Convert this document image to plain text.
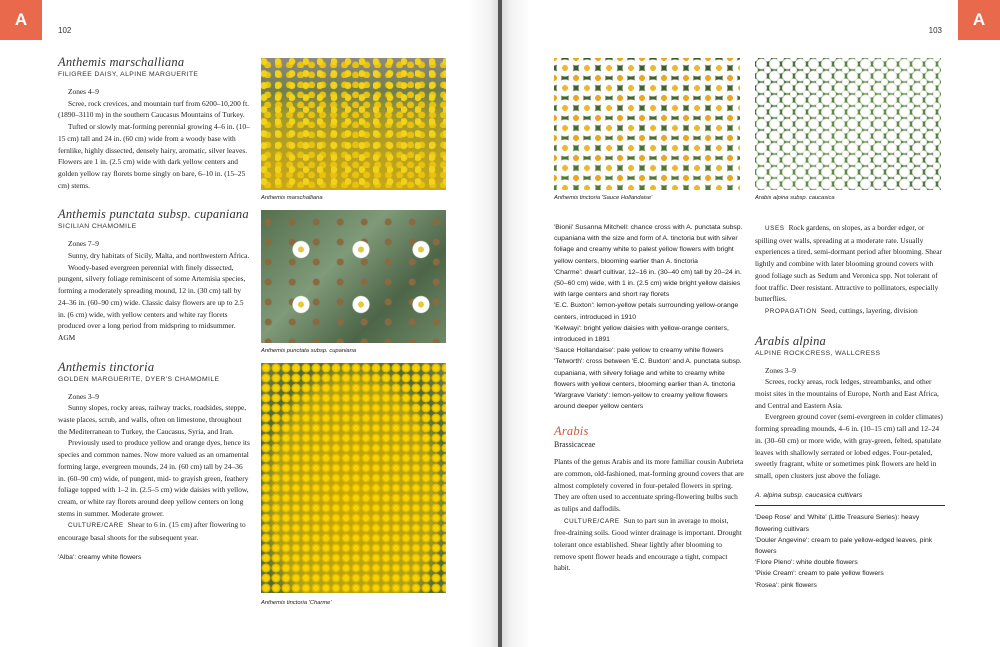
A
102
Anthemis marschalliana
FILIGREE DAISY, ALPINE MARGUERITE

Zones 4–9

Scree, rock crevices, and mountain turf from 6200–10,200 ft. (1890–3110 m) in the southern Caucasus Mountains of Turkey.

Tufted or slowly mat-forming perennial growing 4–6 in. (10–15 cm) tall and 24 in. (60 cm) wide from a woody base with fernlike, highly dissected, densely hairy, aromatic, silver leaves. Flowers are 1 in. (2.5 cm) wide with dark yellow centers and golden yellow ray florets borne singly on bare, 6–10 in. (15–25 cm) stems.

Anthemis punctata subsp. cupaniana
SICILIAN CHAMOMILE

Zones 7–9

Sunny, dry habitats of Sicily, Malta, and northwestern Africa.

Woody-based evergreen perennial with finely dissected, pungent, silvery foliage reminiscent of some Artemisia species, forming a moderately spreading mound, 12 in. (30 cm) tall by 24–36 in. (60–90 cm) wide. Classic daisy flowers are up to 2.5 in. (6 cm) wide, with yellow centers and white ray florets produced over a long period from midspring to midsummer. AGM

Anthemis tinctoria
GOLDEN MARGUERITE, DYER'S CHAMOMILE

Zones 3–9

Sunny slopes, rocky areas, railway tracks, roadsides, steppe, waste places, scrub, and walls, often on limestone, throughout the Mediterranean to Turkey, the Caucasus, Syria, and Iran.

Previously used to produce yellow and orange dyes, hence its species and common names. Now more valued as an ornamental forming large, evergreen mounds, 24 in. (60 cm) tall by 24–36 in. (60–90 cm) wide, of pungent, mid- to grayish green, feathery foliage topped with 1–2 in. (2.5–5 cm) wide daisies with yellow, cream, or white ray florets around deep yellow centers on long stems in summer. Moderate grower.

CULTURE/CARE Shear to 6 in. (15 cm) after flowering to encourage basal shoots for the subsequent year.

'Alba': creamy white flowers

Anthemis marschalliana
Anthemis punctata subsp. cupaniana
Anthemis tinctoria 'Charme'
A
103
Anthemis tinctoria 'Sauce Hollandaise'	Arabis alpina subsp. caucasica

'Bionii' Susanna Mitchell: chance cross with A. punctata subsp. cupaniana with the size and form of A. tinctoria but with silver foliage and creamy white to palest yellow flowers with bright yellow centers, blooming earlier than A. tinctoria

'Charme': dwarf cultivar, 12–16 in. (30–40 cm) tall by 20–24 in. (50–60 cm) wide, with 1 in. (2.5 cm) wide bright yellow daisies with large centers and short ray florets

'E.C. Buxton': lemon-yellow petals surrounding yellow-orange centers, introduced in 1910

'Kelwayi': bright yellow daisies with yellow-orange centers, introduced in 1891

'Sauce Hollandaise': pale yellow to creamy white flowers

'Tetworth': cross between 'E.C. Buxton' and A. punctata subsp. cupaniana, with silvery foliage and white to creamy white flowers with yellow centers, blooming earlier than A. tinctoria

'Wargrave Variety': lemon-yellow to creamy yellow flowers around deeper yellow centers

Arabis
Brassicaceae

Plants of the genus Arabis and its more familiar cousin Aubrieta are common, old-fashioned, mat-forming ground covers that are almost completely covered in four-petaled flowers in spring. They are often used to accentuate spring-flowering bulbs such as tulips and daffodils.

CULTURE/CARE Sun to part sun in average to moist, free-draining soils. Good winter drainage is important. Drought tolerant once established. Shear lightly after blooming to remove spent flower heads and encourage a tight, compact habit.

USES Rock gardens, on slopes, as a border edger, or spilling over walls, spreading at a moderate rate. Usually experiences a tired, semi-dormant period after blooming. Shear lightly and combine with later blooming ground covers with good foliage such as Sedum and Veronica spp. Not tolerant of foot traffic. Deer resistant. Attractive to pollinators, especially butterflies.

PROPAGATION Seed, cuttings, layering, division

Arabis alpina
ALPINE ROCKCRESS, WALLCRESS

Zones 3–9

Screes, rocky areas, rock ledges, streambanks, and other moist sites in the mountains of Europe, North and East Africa, and Central and Eastern Asia.

Evergreen ground cover (semi-evergreen in colder climates) forming spreading mounds, 4–6 in. (10–15 cm) tall and 12–24 in. (30–60 cm) or more wide, with gray-green, felted, spatulate leaves with shallowly serrated or lobed edges. Four-petaled, sweetly fragrant, white or sometimes pink flowers are held in small, open clusters just above the foliage.

A. alpina subsp. caucasica cultivars

'Deep Rose' and 'White' (Little Treasure Series): heavy flowering cultivars

'Douler Angevine': cream to pale yellow-edged leaves, pink flowers

'Flore Pleno': white double flowers

'Pixie Cream': cream to pale yellow flowers

'Rosea': pink flowers
